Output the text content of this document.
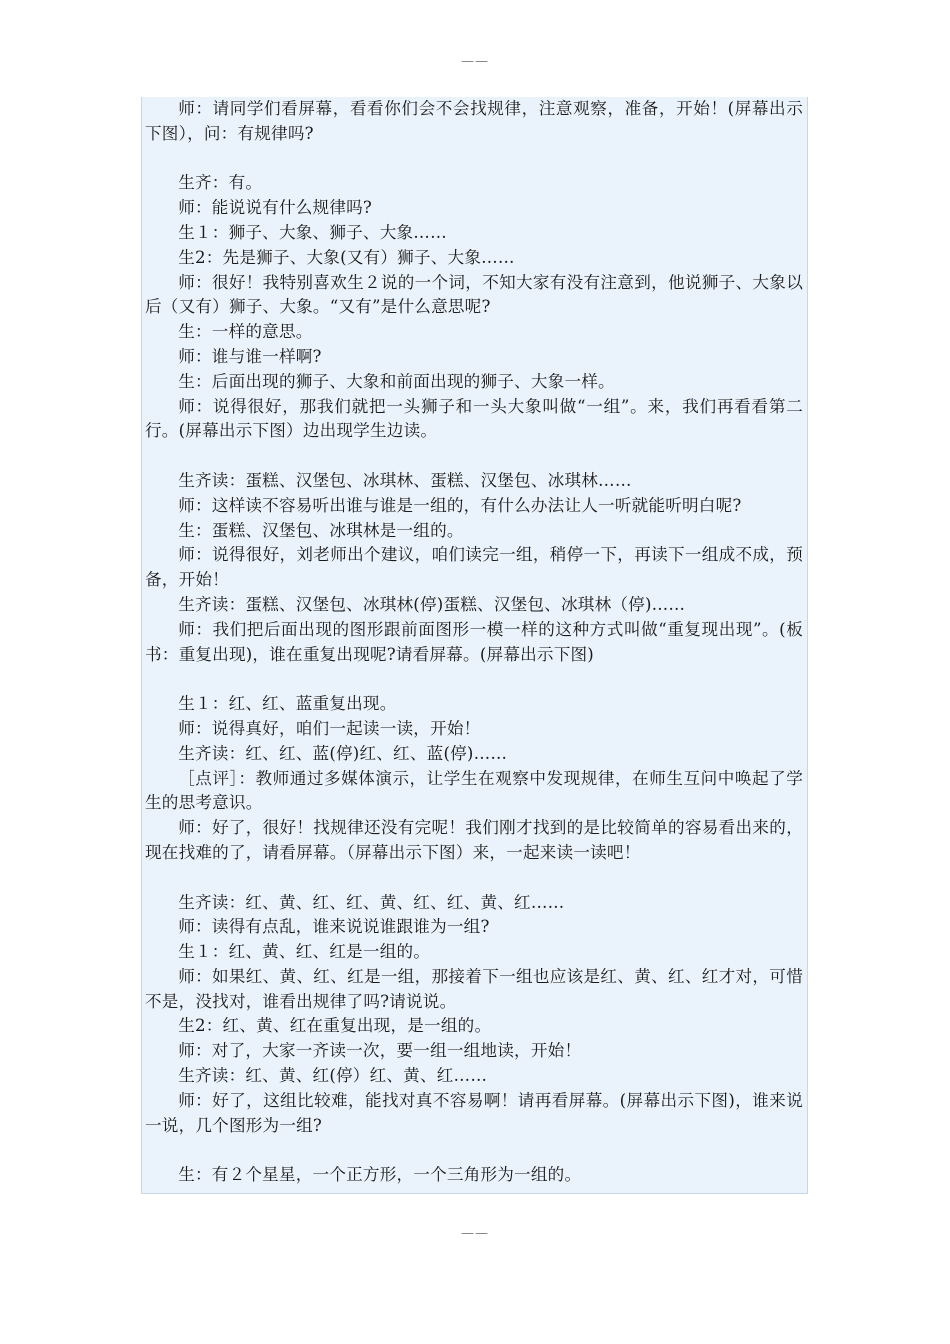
——

师：请同学们看屏幕，看看你们会不会找规律，注意观察，准备，开始！(屏幕出示下图），问：有规律吗?

生齐：有。

师：能说说有什么规律吗?

生１：狮子、大象、狮子、大象……

生2：先是狮子、大象(又有）狮子、大象……

师：很好！我特别喜欢生２说的一个词，不知大家有没有注意到，他说狮子、大象以后（又有）狮子、大象。“又有”是什么意思呢?

生：一样的意思。

师：谁与谁一样啊?

生：后面出现的狮子、大象和前面出现的狮子、大象一样。

师：说得很好，那我们就把一头狮子和一头大象叫做“一组”。来，我们再看看第二行。(屏幕出示下图）边出现学生边读。

生齐读：蛋糕、汉堡包、冰琪林、蛋糕、汉堡包、冰琪林……

师：这样读不容易听出谁与谁是一组的，有什么办法让人一听就能听明白呢?

生：蛋糕、汉堡包、冰琪林是一组的。

师：说得很好，刘老师出个建议，咱们读完一组，稍停一下，再读下一组成不成，预备，开始！

生齐读：蛋糕、汉堡包、冰琪林(停)蛋糕、汉堡包、冰琪林（停)……

师：我们把后面出现的图形跟前面图形一模一样的这种方式叫做“重复现出现”。(板书：重复出现)，谁在重复出现呢?请看屏幕。(屏幕出示下图)

生１：红、红、蓝重复出现。

师：说得真好，咱们一起读一读，开始！

生齐读：红、红、蓝(停)红、红、蓝(停)……

［点评］：教师通过多媒体演示，让学生在观察中发现规律，在师生互问中唤起了学生的思考意识。

师：好了，很好！找规律还没有完呢！我们刚才找到的是比较简单的容易看出来的，现在找难的了，请看屏幕。（屏幕出示下图）来，一起来读一读吧！

生齐读：红、黄、红、红、黄、红、红、黄、红……

师：读得有点乱，谁来说说谁跟谁为一组?

生１：红、黄、红、红是一组的。

师：如果红、黄、红、红是一组，那接着下一组也应该是红、黄、红、红才对，可惜不是，没找对，谁看出规律了吗?请说说。

生2：红、黄、红在重复出现，是一组的。

师：对了，大家一齐读一次，要一组一组地读，开始！

生齐读：红、黄、红(停）红、黄、红……

师：好了，这组比较难，能找对真不容易啊！请再看屏幕。(屏幕出示下图)，谁来说一说，几个图形为一组?

生：有２个星星，一个正方形，一个三角形为一组的。

——
